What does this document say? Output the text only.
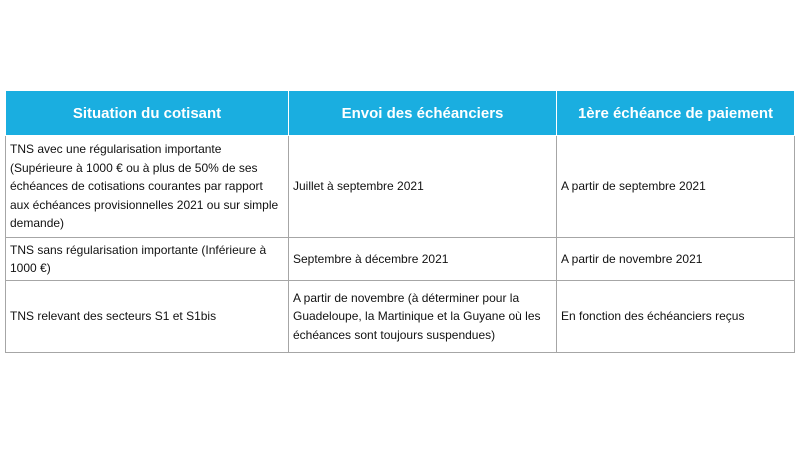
Situation du cotisant	Envoi des échéanciers	1ère échéance de paiement
TNS avec une régularisation importante (Supérieure à 1000 € ou à plus de 50% de ses échéances de cotisations courantes par rapport aux échéances provisionnelles 2021 ou sur simple demande)	Juillet à septembre 2021	A partir de septembre 2021
TNS sans régularisation importante (Inférieure à 1000 €)	Septembre à décembre 2021	A partir de novembre 2021
TNS relevant des secteurs S1 et S1bis	A partir de novembre (à déterminer pour la Guadeloupe, la Martinique et la Guyane où les échéances sont toujours suspendues)	En fonction des échéanciers reçus
